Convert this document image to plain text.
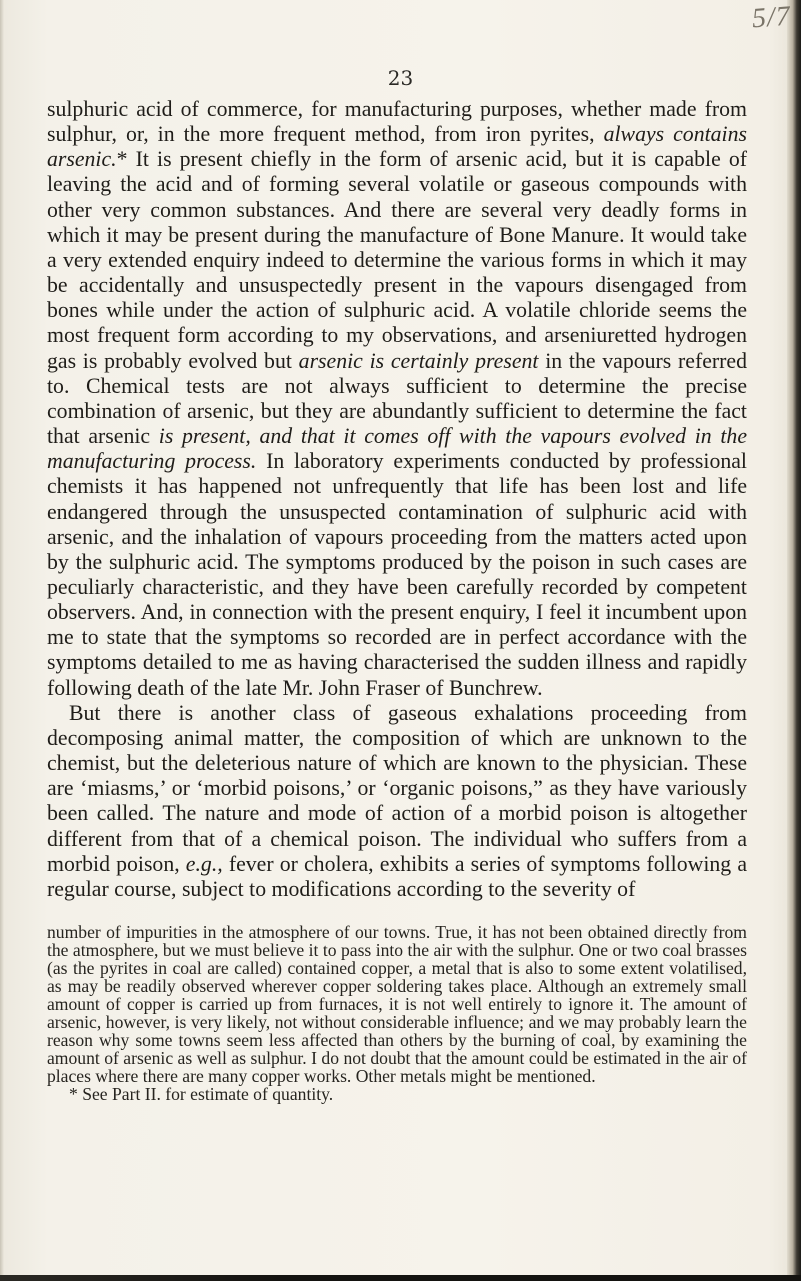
5/7

23

sulphuric acid of commerce, for manufacturing purposes, whether made from sulphur, or, in the more frequent method, from iron pyrites, always contains arsenic.* It is present chiefly in the form of arsenic acid, but it is capable of leaving the acid and of forming several volatile or gaseous compounds with other very common substances. And there are several very deadly forms in which it may be present during the manufacture of Bone Manure. It would take a very extended enquiry indeed to determine the various forms in which it may be accidentally and unsuspectedly present in the vapours disengaged from bones while under the action of sulphuric acid. A volatile chloride seems the most frequent form according to my observations, and arseniuretted hydrogen gas is probably evolved but arsenic is certainly present in the vapours referred to. Chemical tests are not always sufficient to determine the precise combination of arsenic, but they are abundantly sufficient to determine the fact that arsenic is present, and that it comes off with the vapours evolved in the manufacturing process. In laboratory experiments conducted by professional chemists it has happened not unfrequently that life has been lost and life endangered through the unsuspected contamination of sulphuric acid with arsenic, and the inhalation of vapours proceeding from the matters acted upon by the sulphuric acid. The symptoms produced by the poison in such cases are peculiarly characteristic, and they have been carefully recorded by competent observers. And, in connection with the present enquiry, I feel it incumbent upon me to state that the symptoms so recorded are in perfect accordance with the symptoms detailed to me as having characterised the sudden illness and rapidly following death of the late Mr. John Fraser of Bunchrew.

But there is another class of gaseous exhalations proceeding from decomposing animal matter, the composition of which are unknown to the chemist, but the deleterious nature of which are known to the physician. These are ‘miasms,’ or ‘morbid poisons,’ or ‘organic poisons,” as they have variously been called. The nature and mode of action of a morbid poison is altogether different from that of a chemical poison. The individual who suffers from a morbid poison, e.g., fever or cholera, exhibits a series of symptoms following a regular course, subject to modifications according to the severity of

number of impurities in the atmosphere of our towns. True, it has not been obtained directly from the atmosphere, but we must believe it to pass into the air with the sulphur. One or two coal brasses (as the pyrites in coal are called) contained copper, a metal that is also to some extent volatilised, as may be readily observed wherever copper soldering takes place. Although an extremely small amount of copper is carried up from furnaces, it is not well entirely to ignore it. The amount of arsenic, however, is very likely, not without considerable influence; and we may probably learn the reason why some towns seem less affected than others by the burning of coal, by examining the amount of arsenic as well as sulphur. I do not doubt that the amount could be estimated in the air of places where there are many copper works. Other metals might be mentioned.

* See Part II. for estimate of quantity.
